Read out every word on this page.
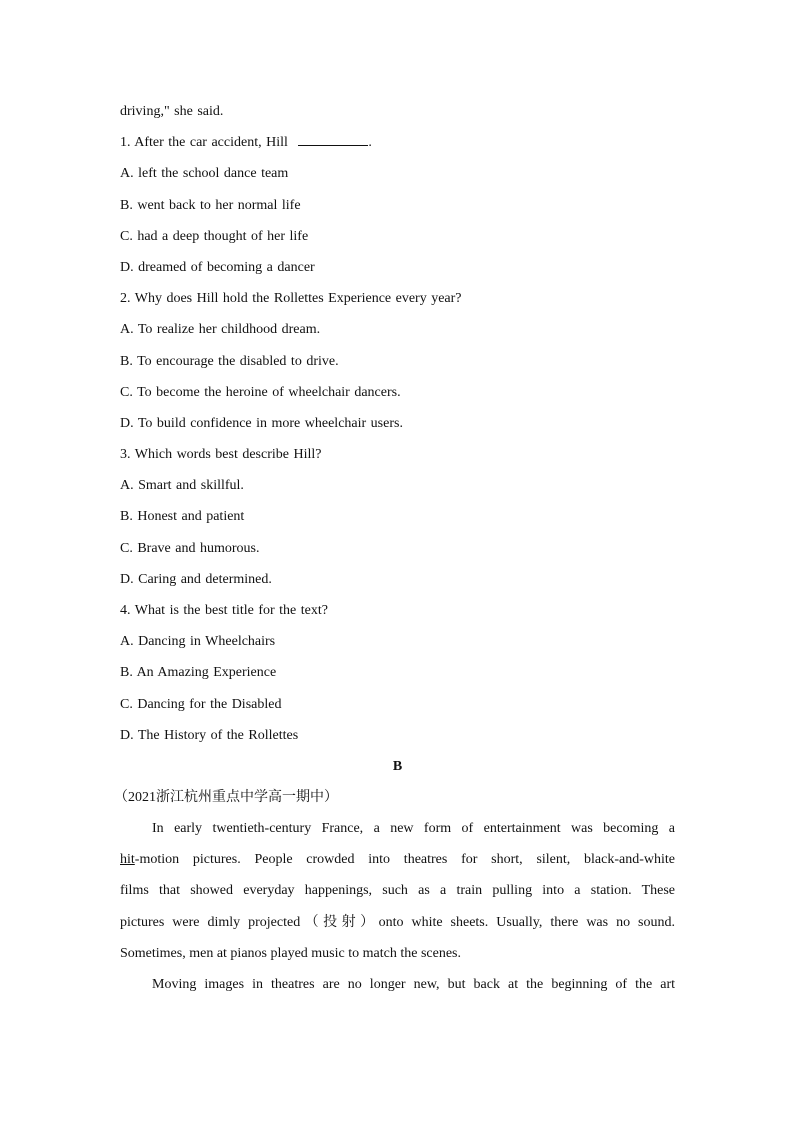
driving," she said.
1. After the car accident, Hill	.
A. left the school dance team
B. went back to her normal life
C. had a deep thought of her life
D. dreamed of becoming a dancer
2. Why does Hill hold the Rollettes Experience every year?
A. To realize her childhood dream.
B. To encourage the disabled to drive.
C. To become the heroine of wheelchair dancers.
D. To build confidence in more wheelchair users.
3. Which words best describe Hill?
A. Smart and skillful.
B. Honest and patient
C. Brave and humorous.
D. Caring and determined.
4. What is the best title for the text?
A. Dancing in Wheelchairs
B. An Amazing Experience
C. Dancing for the Disabled
D. The History of the Rollettes
B
（2021浙江杭州重点中学高一期中）
In early twentieth-century France, a new form of entertainment was becoming a
hit-motion pictures. People crowded into theatres for short, silent, black-and-white
films that showed everyday happenings, such as a train pulling into a station. These
pictures were dimly projected（投射）onto white sheets. Usually, there was no sound.
Sometimes, men at pianos played music to match the scenes.
Moving images in theatres are no longer new, but back at the beginning of the art
